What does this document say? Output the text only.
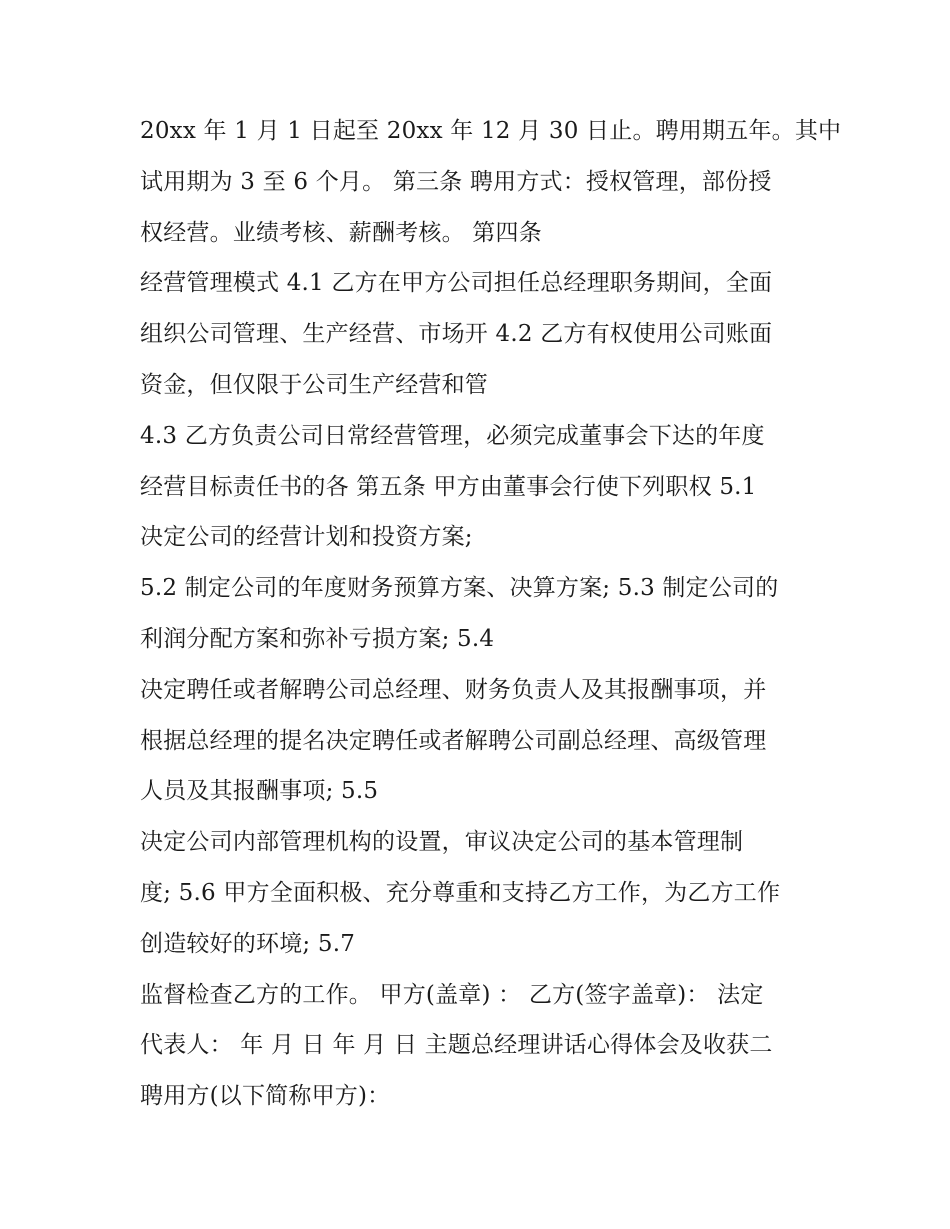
20xx 年 1 月 1 日起至 20xx 年 12 月 30 日止。聘用期五年。其中
试用期为 3 至 6 个月。 第三条 聘用方式：授权管理，部份授
权经营。业绩考核、薪酬考核。 第四条
经营管理模式 4.1 乙方在甲方公司担任总经理职务期间，全面
组织公司管理、生产经营、市场开 4.2 乙方有权使用公司账面
资金，但仅限于公司生产经营和管
4.3 乙方负责公司日常经营管理，必须完成董事会下达的年度
经营目标责任书的各 第五条 甲方由董事会行使下列职权 5.1
决定公司的经营计划和投资方案;
5.2 制定公司的年度财务预算方案、决算方案; 5.3 制定公司的
利润分配方案和弥补亏损方案; 5.4
决定聘任或者解聘公司总经理、财务负责人及其报酬事项，并
根据总经理的提名决定聘任或者解聘公司副总经理、高级管理
人员及其报酬事项; 5.5
决定公司内部管理机构的设置，审议决定公司的基本管理制
度; 5.6 甲方全面积极、充分尊重和支持乙方工作，为乙方工作
创造较好的环境; 5.7
监督检查乙方的工作。 甲方(盖章) ： 乙方(签字盖章)： 法定
代表人： 年 月 日 年 月 日 主题总经理讲话心得体会及收获二
聘用方(以下简称甲方)：
